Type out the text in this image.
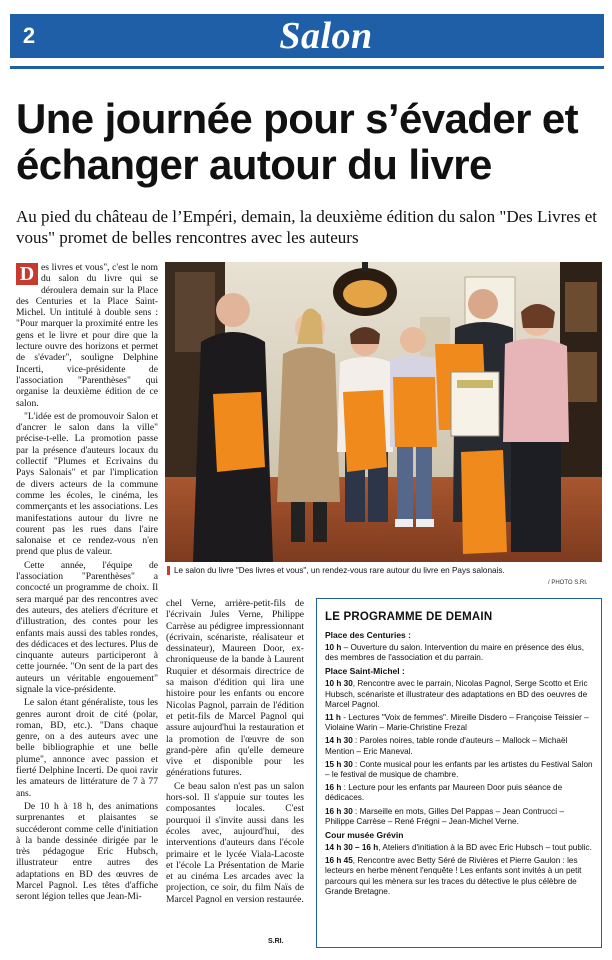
2	Salon
Une journée pour s’évader et échanger autour du livre

Au pied du château de l’Empéri, demain, la deuxième édition du salon "Des Livres et vous" promet de belles rencontres avec les auteurs

D es livres et vous", c'est le nom du salon du livre qui se déroulera demain sur la Place des Centuries et la Place Saint-Michel. Un intitulé à double sens : "Pour marquer la proximité entre les gens et le livre et pour dire que la lecture ouvre des horizons et permet de s'évader", souligne Delphine Incerti, vice-présidente de l'association "Parenthèses" qui organise la deuxième édition de ce salon.

"L'idée est de promouvoir Salon et d'ancrer le salon dans la ville" précise-t-elle. La promotion passe par la présence d'auteurs locaux du collectif "Plumes et Ecrivains du Pays Salonais" et par l'implication de divers acteurs de la commune comme les écoles, le cinéma, les commerçants et les associations. Les manifestations autour du livre ne courent pas les rues dans l'aire salonaise et ce rendez-vous n'en prend que plus de valeur.

Cette année, l'équipe de l'association "Parenthèses" a concocté un programme de choix. Il sera marqué par des rencontres avec des auteurs, des ateliers d'écriture et d'illustration, des contes pour les enfants mais aussi des tables rondes, des dédicaces et des lectures. Plus de cinquante auteurs participeront à cette journée. "On sent de la part des auteurs un véritable engouement" signale la vice-présidente.

Le salon étant généraliste, tous les genres auront droit de cité (polar, roman, BD, etc.). "Dans chaque genre, on a des auteurs avec une belle bibliographie et une belle plume", annonce avec passion et fierté Delphine Incerti. De quoi ravir les amateurs de littérature de 7 à 77 ans.

De 10 h à 18 h, des animations surprenantes et plaisantes se succéderont comme celle d'initiation à la bande dessinée dirigée par le très pédagogue Eric Hubsch, illustrateur entre autres des adaptations en BD des œuvres de Marcel Pagnol. Les têtes d'affiche seront légion telles que Jean-Mi-

Le salon du livre "Des livres et vous", un rendez-vous rare autour du livre en Pays salonais.
/ PHOTO S.RI.

chel Verne, arrière-petit-fils de l'écrivain Jules Verne, Philippe Carrèse au pédigree impressionnant (écrivain, scénariste, réalisateur et dessinateur), Maureen Door, ex-chroniqueuse de la bande à Laurent Ruquier et désormais directrice de sa maison d'édition qui lira une histoire pour les enfants ou encore Nicolas Pagnol, parrain de l'édition et petit-fils de Marcel Pagnol qui assure aujourd'hui la restauration et la promotion de l'œuvre de son grand-père afin qu'elle demeure vive et disponible pour les générations futures.

Ce beau salon n'est pas un salon hors-sol. Il s'appuie sur toutes les composantes locales. C'est pourquoi il s'invite aussi dans les écoles avec, aujourd'hui, des interventions d'auteurs dans l'école primaire et le lycée Viala-Lacoste et l'école La Présentation de Marie et au cinéma Les arcades avec la projection, ce soir, du film Naïs de Marcel Pagnol en version restaurée.

S.RI.
LE PROGRAMME DE DEMAIN
Place des Centuries :
10 h – Ouverture du salon. Intervention du maire en présence des élus, des membres de l'association et du parrain.
Place Saint-Michel :
10 h 30, Rencontre avec le parrain, Nicolas Pagnol, Serge Scotto et Eric Hubsch, scénariste et illustrateur des adaptations en BD des oeuvres de Marcel Pagnol.
11 h - Lectures "Voix de femmes". Mireille Disdero – Françoise Teissier – Violaine Warin – Marie-Christine Frezal
14 h 30 : Paroles noires, table ronde d'auteurs – Mallock – Michaël Mention – Eric Maneval.
15 h 30 : Conte musical pour les enfants par les artistes du Festival Salon – le festival de musique de chambre.
16 h : Lecture pour les enfants par Maureen Door puis séance de dédicaces.
16 h 30 : Marseille en mots, Gilles Del Pappas – Jean Contrucci – Philippe Carrèse – René Frégni – Jean-Michel Verne.
Cour musée Grévin
14 h 30 – 16 h, Ateliers d'initiation à la BD avec Eric Hubsch – tout public.
16 h 45, Rencontre avec Betty Séré de Rivières et Pierre Gaulon : les lecteurs en herbe mènent l'enquête ! Les enfants sont invités à un petit parcours qui les mènera sur les traces du détective le plus célèbre de Grande Bretagne.
